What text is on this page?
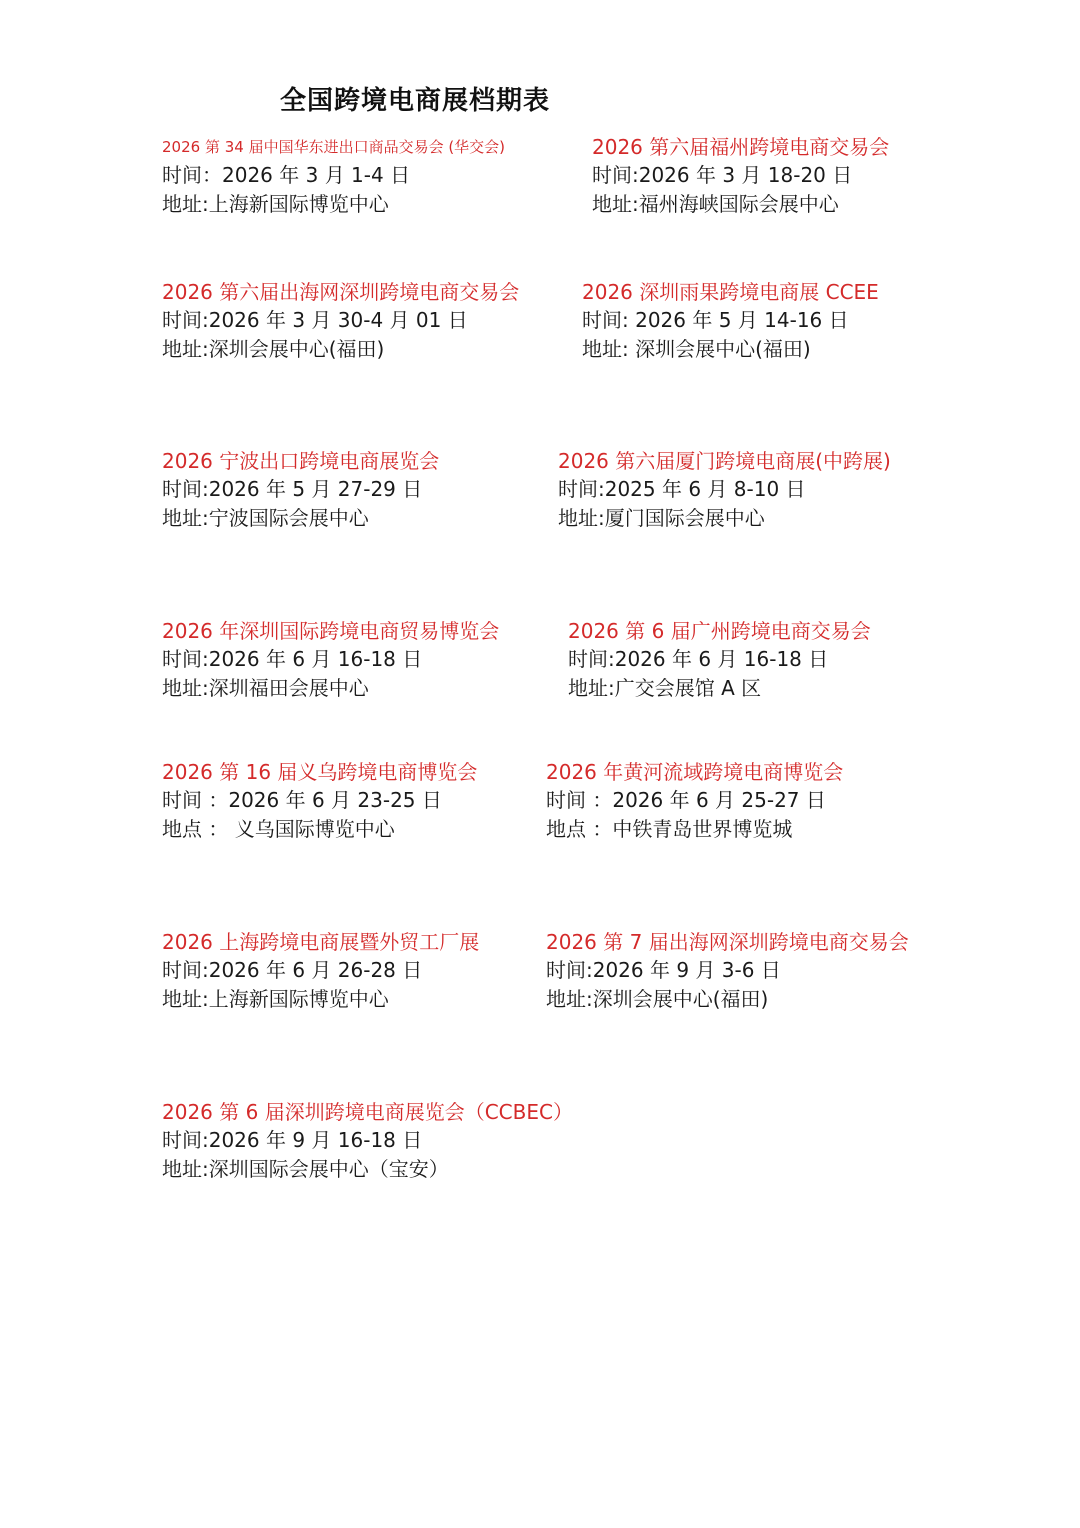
全国跨境电商展档期表
2026 第 34 届中国华东进出口商品交易会 (华交会)
时间：2026 年 3 月 1-4 日
地址:上海新国际博览中心
2026 第六届福州跨境电商交易会
时间:2026 年 3 月 18-20 日
地址:福州海峡国际会展中心
2026 第六届出海网深圳跨境电商交易会
时间:2026 年 3 月 30-4 月 01 日
地址:深圳会展中心(福田)
2026 深圳雨果跨境电商展 CCEE
时间: 2026 年 5 月 14-16 日
地址: 深圳会展中心(福田)
2026 宁波出口跨境电商展览会
时间:2026 年 5 月 27-29 日
地址:宁波国际会展中心
2026 第六届厦门跨境电商展(中跨展)
时间:2025 年 6 月 8-10 日
地址:厦门国际会展中心
2026 年深圳国际跨境电商贸易博览会
时间:2026 年 6 月 16-18 日
地址:深圳福田会展中心
2026 第 6 届广州跨境电商交易会
时间:2026 年 6 月 16-18 日
地址:广交会展馆 A 区
2026 第 16 届义乌跨境电商博览会
时间 ：2026 年 6 月 23-25 日
地点 ： 义乌国际博览中心
2026 年黄河流域跨境电商博览会
时间 ：2026 年 6 月 25-27 日
地点 ：中铁青岛世界博览城
2026 上海跨境电商展暨外贸工厂展
时间:2026 年 6 月 26-28 日
地址:上海新国际博览中心
2026 第 7 届出海网深圳跨境电商交易会
时间:2026 年 9 月 3-6 日
地址:深圳会展中心(福田)
2026 第 6 届深圳跨境电商展览会（CCBEC）
时间:2026 年 9 月 16-18 日
地址:深圳国际会展中心（宝安）
